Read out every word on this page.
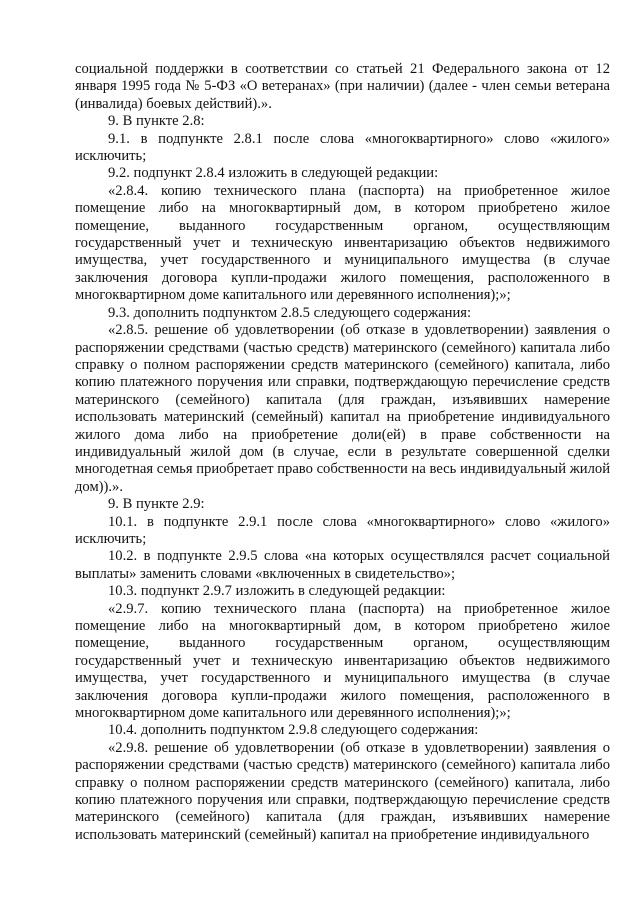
социальной поддержки в соответствии со статьей 21 Федерального закона от 12 января 1995 года № 5-ФЗ «О ветеранах» (при наличии) (далее - член семьи ветерана (инвалида) боевых действий).».

9. В пункте 2.8:

9.1. в подпункте 2.8.1 после слова «многоквартирного» слово «жилого» исключить;

9.2. подпункт 2.8.4 изложить в следующей редакции:

«2.8.4. копию технического плана (паспорта) на приобретенное жилое помещение либо на многоквартирный дом, в котором приобретено жилое помещение, выданного государственным органом, осуществляющим государственный учет и техническую инвентаризацию объектов недвижимого имущества, учет государственного и муниципального имущества (в случае заключения договора купли-продажи жилого помещения, расположенного в многоквартирном доме капитального или деревянного исполнения);»;

9.3. дополнить подпунктом 2.8.5 следующего содержания:

«2.8.5. решение об удовлетворении (об отказе в удовлетворении) заявления о распоряжении средствами (частью средств) материнского (семейного) капитала либо справку о полном распоряжении средств материнского (семейного) капитала, либо копию платежного поручения или справки, подтверждающую перечисление средств материнского (семейного) капитала (для граждан, изъявивших намерение использовать материнский (семейный) капитал на приобретение индивидуального жилого дома либо на приобретение доли(ей) в праве собственности на индивидуальный жилой дом (в случае, если в результате совершенной сделки многодетная семья приобретает право собственности на весь индивидуальный жилой дом)).».

9. В пункте 2.9:

10.1. в подпункте 2.9.1 после слова «многоквартирного» слово «жилого» исключить;

10.2. в подпункте 2.9.5 слова «на которых осуществлялся расчет социальной выплаты» заменить словами «включенных в свидетельство»;

10.3. подпункт 2.9.7 изложить в следующей редакции:

«2.9.7. копию технического плана (паспорта) на приобретенное жилое помещение либо на многоквартирный дом, в котором приобретено жилое помещение, выданного государственным органом, осуществляющим государственный учет и техническую инвентаризацию объектов недвижимого имущества, учет государственного и муниципального имущества (в случае заключения договора купли-продажи жилого помещения, расположенного в многоквартирном доме капитального или деревянного исполнения);»;

10.4. дополнить подпунктом 2.9.8 следующего содержания:

«2.9.8. решение об удовлетворении (об отказе в удовлетворении) заявления о распоряжении средствами (частью средств) материнского (семейного) капитала либо справку о полном распоряжении средств материнского (семейного) капитала, либо копию платежного поручения или справки, подтверждающую перечисление средств материнского (семейного) капитала (для граждан, изъявивших намерение использовать материнский (семейный) капитал на приобретение индивидуального
